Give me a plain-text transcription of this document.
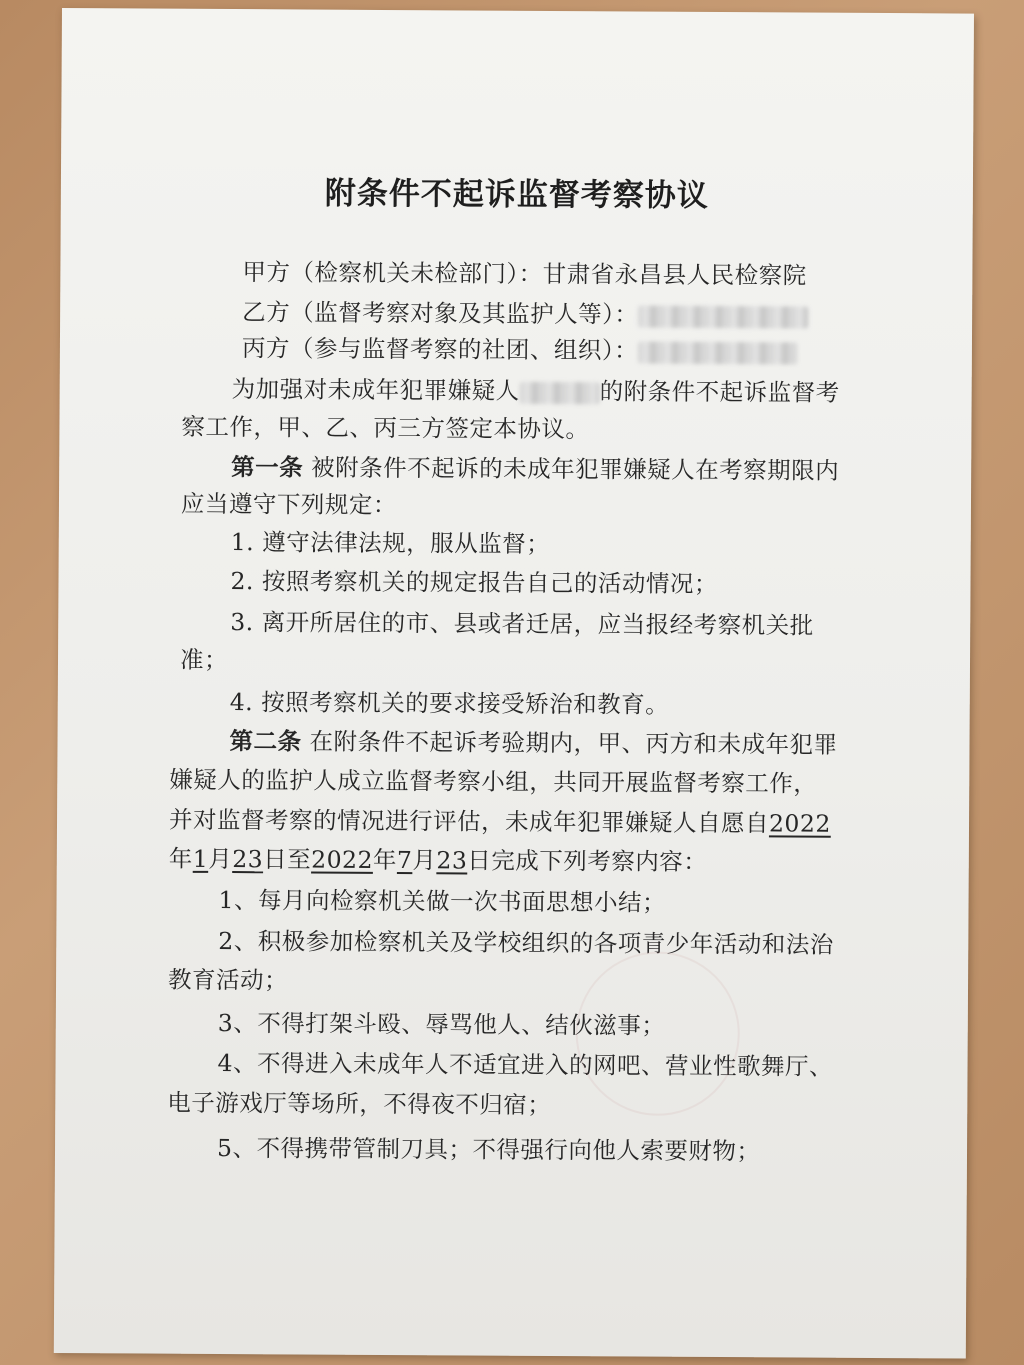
附条件不起诉监督考察协议
甲方（检察机关未检部门）：甘肃省永昌县人民检察院
乙方（监督考察对象及其监护人等）：
丙方（参与监督考察的社团、组织）：
为加强对未成年犯罪嫌疑人	的附条件不起诉监督考
察工作，甲、乙、丙三方签定本协议。
第一条 被附条件不起诉的未成年犯罪嫌疑人在考察期限内
应当遵守下列规定：
1. 遵守法律法规，服从监督；
2. 按照考察机关的规定报告自己的活动情况；
3. 离开所居住的市、县或者迁居，应当报经考察机关批
准；
4. 按照考察机关的要求接受矫治和教育。
第二条 在附条件不起诉考验期内，甲、丙方和未成年犯罪
嫌疑人的监护人成立监督考察小组，共同开展监督考察工作，
并对监督考察的情况进行评估，未成年犯罪嫌疑人自愿自2022
年1月23日至2022年7月23日完成下列考察内容：
1、每月向检察机关做一次书面思想小结；
2、积极参加检察机关及学校组织的各项青少年活动和法治
教育活动；
3、不得打架斗殴、辱骂他人、结伙滋事；
4、不得进入未成年人不适宜进入的网吧、营业性歌舞厅、
电子游戏厅等场所，不得夜不归宿；
5、不得携带管制刀具；不得强行向他人索要财物；
